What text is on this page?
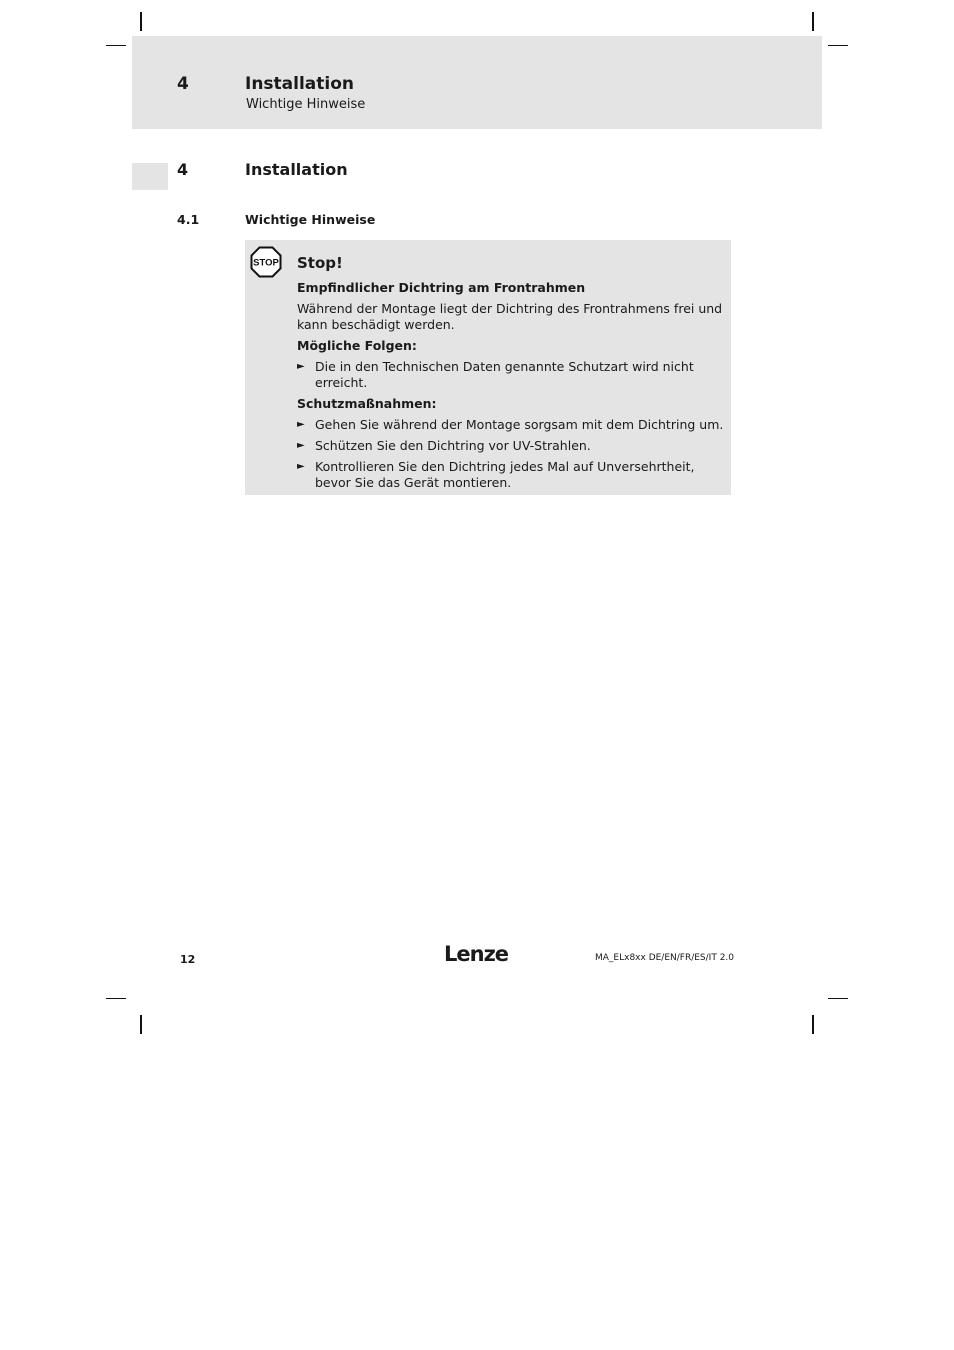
4	Installation
Wichtige Hinweise
4	Installation
4.1	Wichtige Hinweise
STOP Stop!
Empfindlicher Dichtring am Frontrahmen
Während der Montage liegt der Dichtring des Frontrahmens frei und kann beschädigt werden.
Mögliche Folgen:
► Die in den Technischen Daten genannte Schutzart wird nicht erreicht.
Schutzmaßnahmen:
► Gehen Sie während der Montage sorgsam mit dem Dichtring um.
► Schützen Sie den Dichtring vor UV-Strahlen.
► Kontrollieren Sie den Dichtring jedes Mal auf Unversehrtheit, bevor Sie das Gerät montieren.
12	Lenze	MA_ELx8xx DE/EN/FR/ES/IT 2.0
